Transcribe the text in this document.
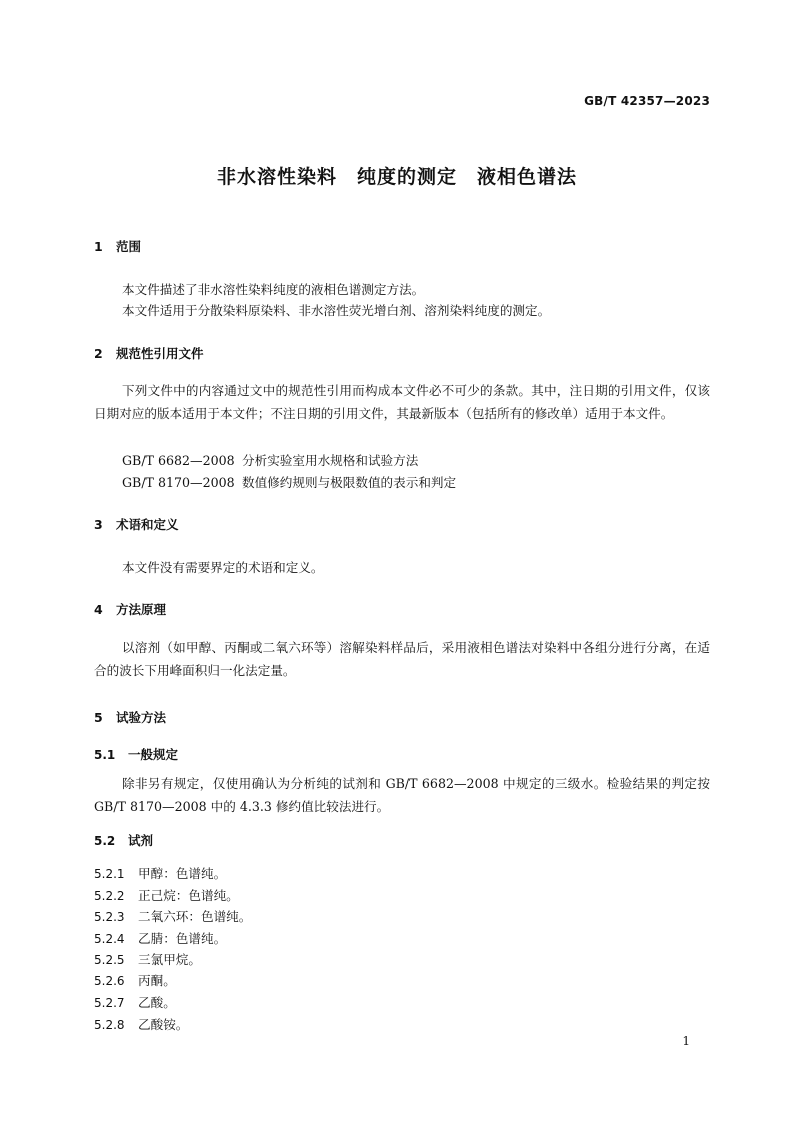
GB/T 42357—2023
非水溶性染料　纯度的测定　液相色谱法
1 范围
本文件描述了非水溶性染料纯度的液相色谱测定方法。
本文件适用于分散染料原染料、非水溶性荧光增白剂、溶剂染料纯度的测定。
2 规范性引用文件
下列文件中的内容通过文中的规范性引用而构成本文件必不可少的条款。其中，注日期的引用文件，仅该日期对应的版本适用于本文件；不注日期的引用文件，其最新版本（包括所有的修改单）适用于本文件。
GB/T 6682—2008 分析实验室用水规格和试验方法
GB/T 8170—2008 数值修约规则与极限数值的表示和判定
3 术语和定义
本文件没有需要界定的术语和定义。
4 方法原理
以溶剂（如甲醇、丙酮或二氧六环等）溶解染料样品后，采用液相色谱法对染料中各组分进行分离，在适合的波长下用峰面积归一化法定量。
5 试验方法
5.1 一般规定
除非另有规定，仅使用确认为分析纯的试剂和 GB/T 6682—2008 中规定的三级水。检验结果的判定按 GB/T 8170—2008 中的 4.3.3 修约值比较法进行。
5.2 试剂
5.2.1 甲醇：色谱纯。
5.2.2 正己烷：色谱纯。
5.2.3 二氧六环：色谱纯。
5.2.4 乙腈：色谱纯。
5.2.5 三氯甲烷。
5.2.6 丙酮。
5.2.7 乙酸。
5.2.8 乙酸铵。
1
